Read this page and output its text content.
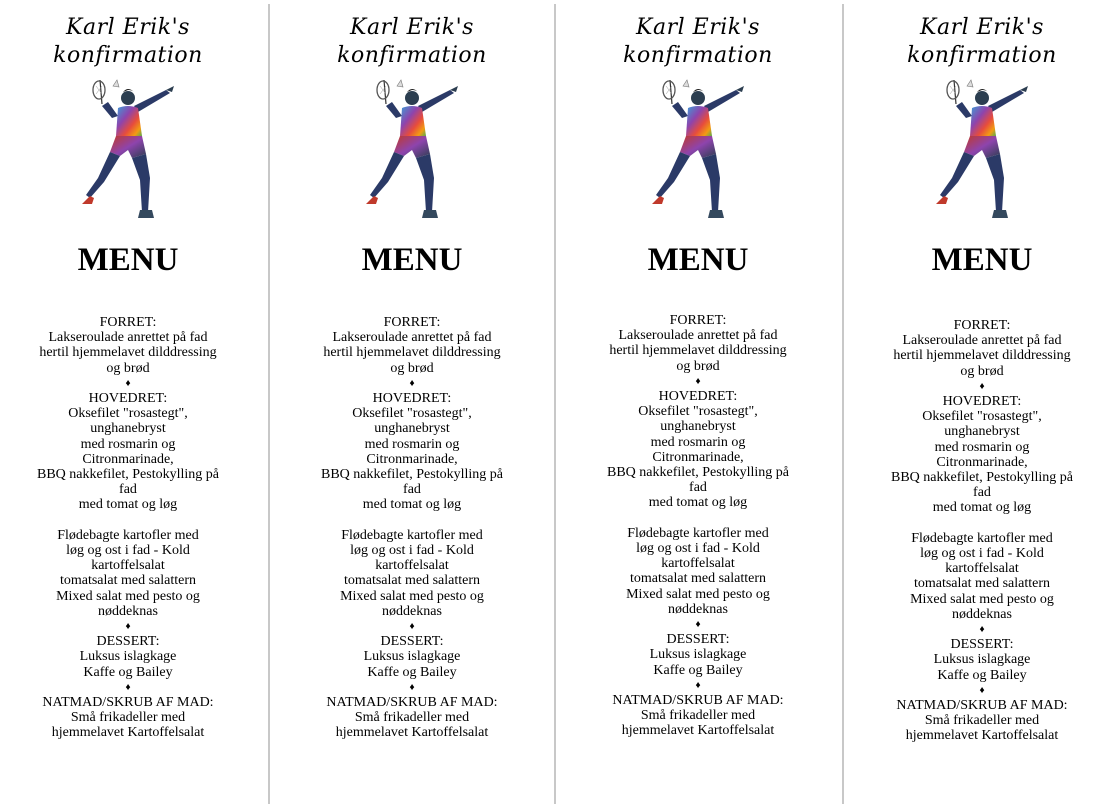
Karl Erik's
konfirmation
MENU
FORRET:
Lakseroulade anrettet på fad
hertil hjemmelavet dilddressing
og brød
♦
HOVEDRET:
Oksefilet "rosastegt",
unghanebryst
med rosmarin og
Citronmarinade,
BBQ nakkefilet, Pestokylling på
fad
med tomat og løg
Flødebagte kartofler med
løg og ost i fad - Kold
kartoffelsalat
tomatsalat med salattern
Mixed salat med pesto og
nøddeknas
♦
DESSERT:
Luksus islagkage
Kaffe og Bailey
♦
NATMAD/SKRUB AF MAD:
Små frikadeller med
hjemmelavet Kartoffelsalat
Karl Erik's
konfirmation
MENU
FORRET:
Lakseroulade anrettet på fad
hertil hjemmelavet dilddressing
og brød
♦
HOVEDRET:
Oksefilet "rosastegt",
unghanebryst
med rosmarin og
Citronmarinade,
BBQ nakkefilet, Pestokylling på
fad
med tomat og løg
Flødebagte kartofler med
løg og ost i fad - Kold
kartoffelsalat
tomatsalat med salattern
Mixed salat med pesto og
nøddeknas
♦
DESSERT:
Luksus islagkage
Kaffe og Bailey
♦
NATMAD/SKRUB AF MAD:
Små frikadeller med
hjemmelavet Kartoffelsalat
Karl Erik's
konfirmation
MENU
FORRET:
Lakseroulade anrettet på fad
hertil hjemmelavet dilddressing
og brød
♦
HOVEDRET:
Oksefilet "rosastegt",
unghanebryst
med rosmarin og
Citronmarinade,
BBQ nakkefilet, Pestokylling på
fad
med tomat og løg
Flødebagte kartofler med
løg og ost i fad - Kold
kartoffelsalat
tomatsalat med salattern
Mixed salat med pesto og
nøddeknas
♦
DESSERT:
Luksus islagkage
Kaffe og Bailey
♦
NATMAD/SKRUB AF MAD:
Små frikadeller med
hjemmelavet Kartoffelsalat
Karl Erik's
konfirmation
MENU
FORRET:
Lakseroulade anrettet på fad
hertil hjemmelavet dilddressing
og brød
♦
HOVEDRET:
Oksefilet "rosastegt",
unghanebryst
med rosmarin og
Citronmarinade,
BBQ nakkefilet, Pestokylling på
fad
med tomat og løg
Flødebagte kartofler med
løg og ost i fad - Kold
kartoffelsalat
tomatsalat med salattern
Mixed salat med pesto og
nøddeknas
♦
DESSERT:
Luksus islagkage
Kaffe og Bailey
♦
NATMAD/SKRUB AF MAD:
Små frikadeller med
hjemmelavet Kartoffelsalat
